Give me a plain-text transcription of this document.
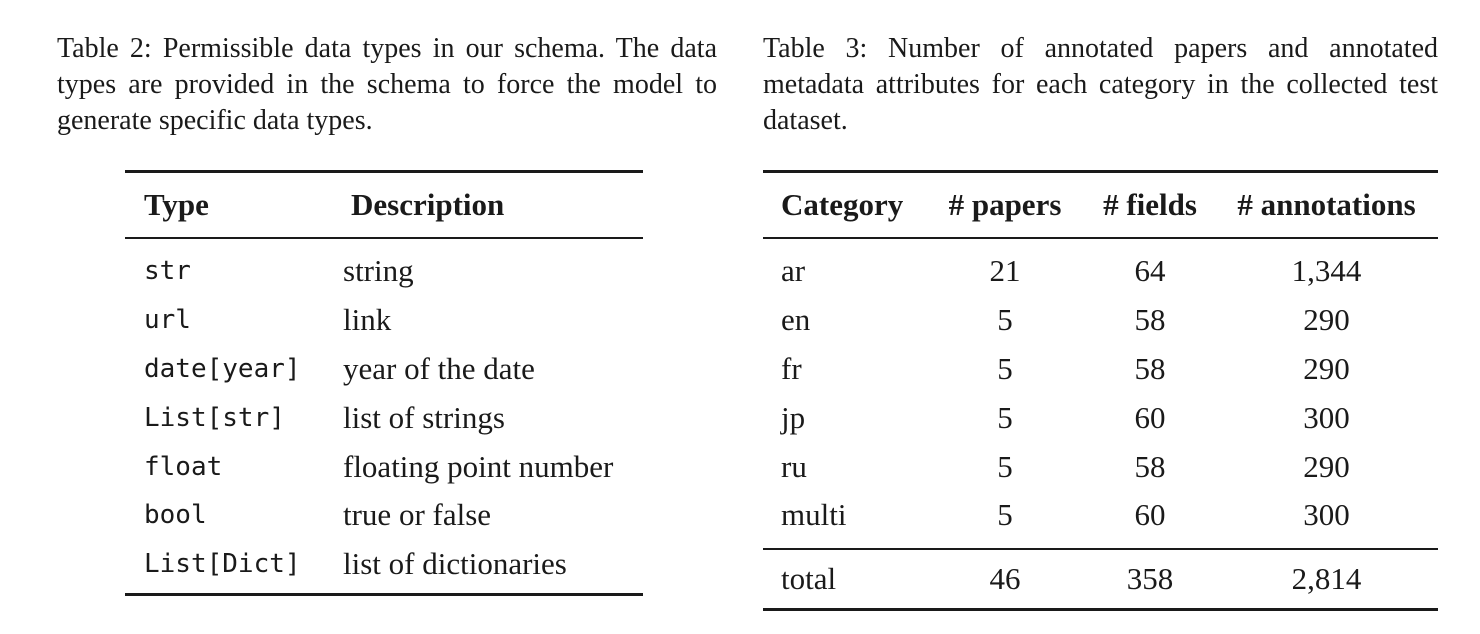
Table 2: Permissible data types in our schema. The data types are provided in the schema to force the model to generate specific data types.

Type	Description
str	string
url	link
date[year]	year of the date
List[str]	list of strings
float	floating point number
bool	true or false
List[Dict]	list of dictionaries

Table 3: Number of annotated papers and annotated metadata attributes for each category in the collected test dataset.

Category	# papers	# fields	# annotations
ar	21	64	1,344
en	5	58	290
fr	5	58	290
jp	5	60	300
ru	5	58	290
multi	5	60	300
total	46	358	2,814
